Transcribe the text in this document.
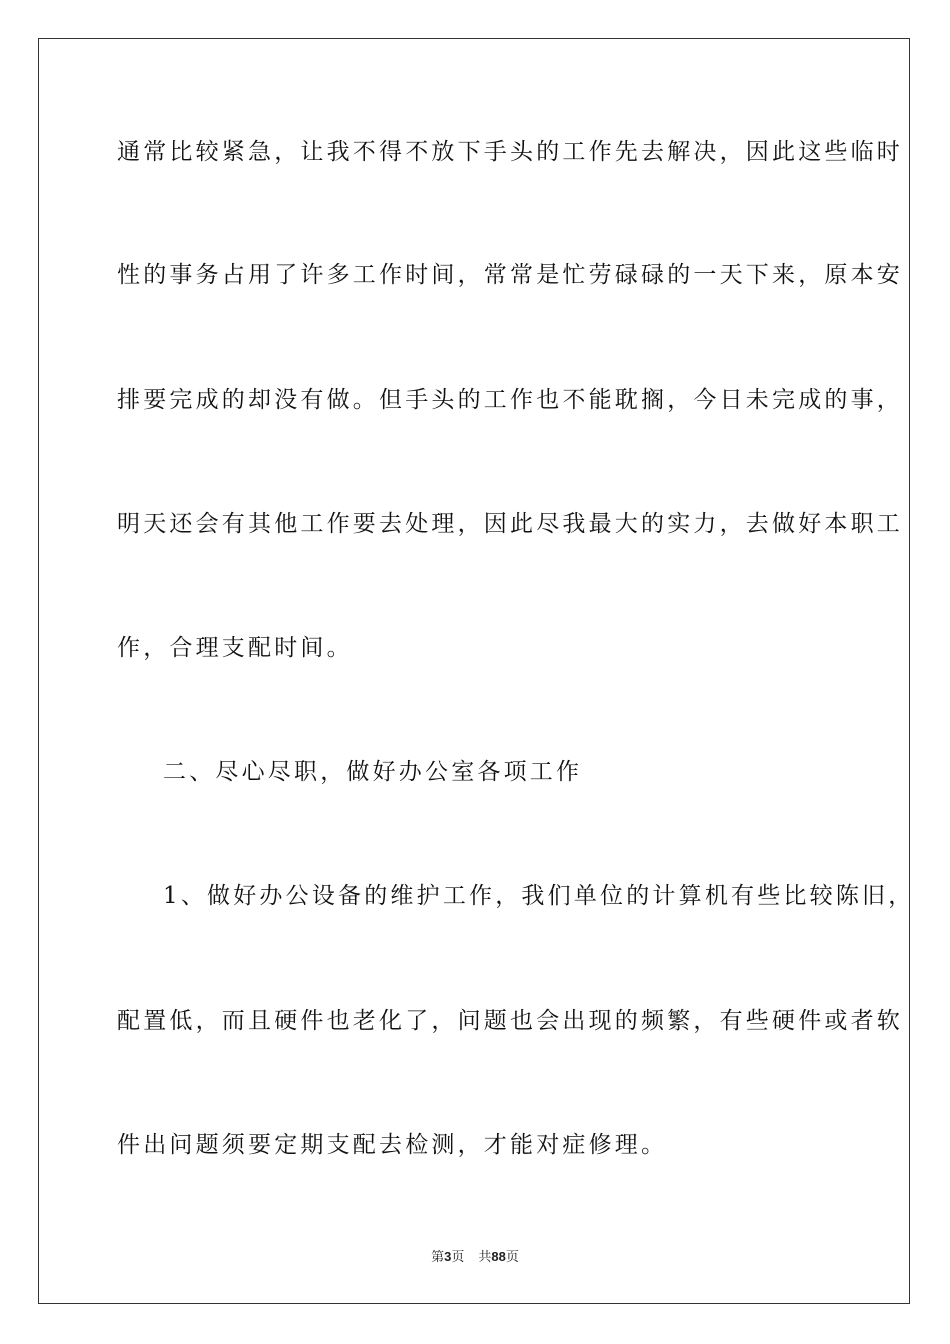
通常比较紧急，让我不得不放下手头的工作先去解决，因此这些临时
性的事务占用了许多工作时间，常常是忙劳碌碌的一天下来，原本安
排要完成的却没有做。但手头的工作也不能耽搁，今日未完成的事，
明天还会有其他工作要去处理，因此尽我最大的实力，去做好本职工
作，合理支配时间。
二、尽心尽职，做好办公室各项工作
1、做好办公设备的维护工作，我们单位的计算机有些比较陈旧，
配置低，而且硬件也老化了，问题也会出现的频繁，有些硬件或者软
件出问题须要定期支配去检测，才能对症修理。
第3页 共88页
